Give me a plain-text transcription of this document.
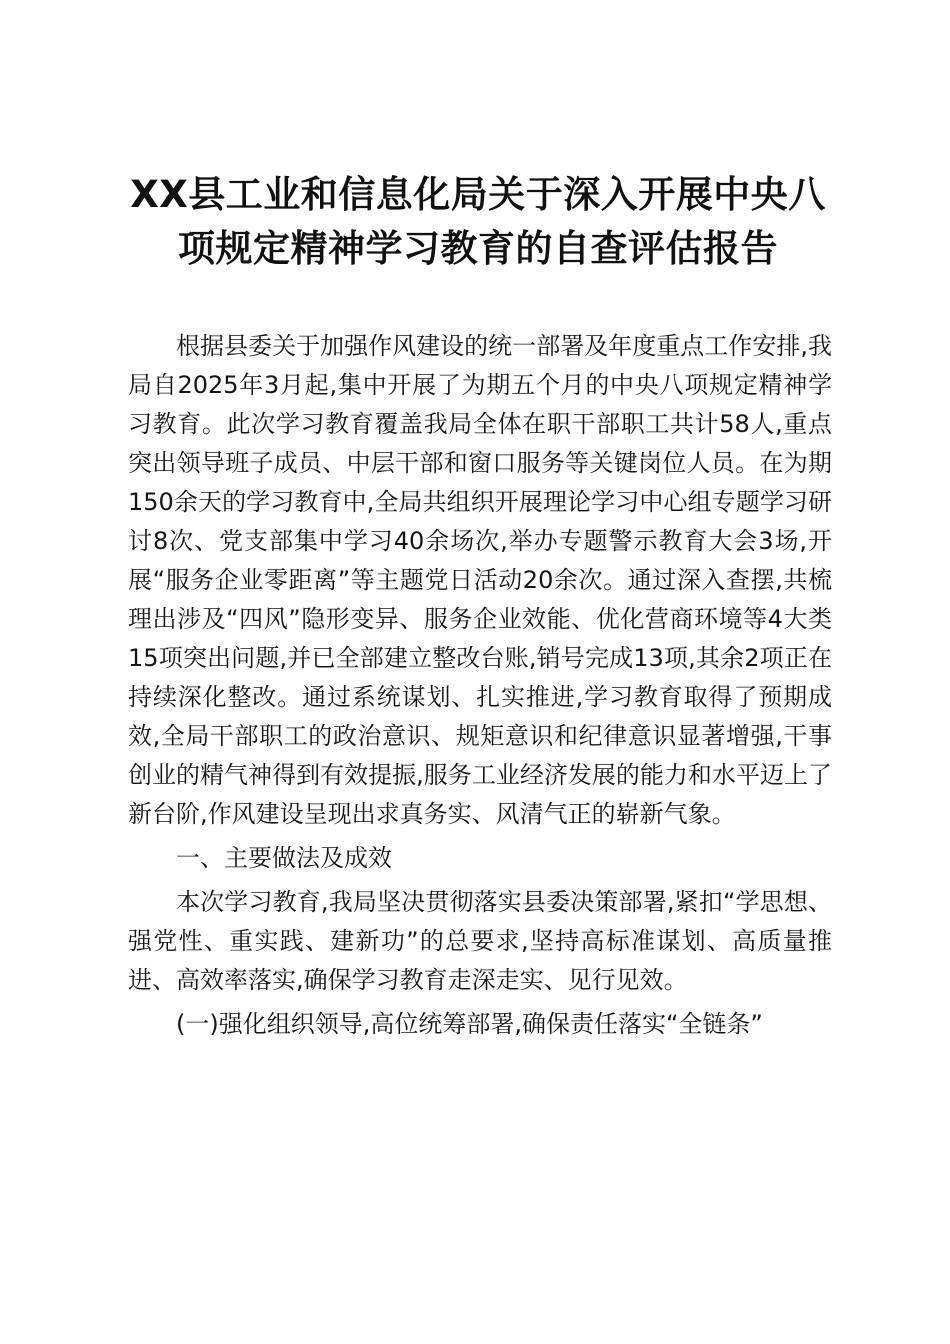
XX县工业和信息化局关于深入开展中央八项规定精神学习教育的自查评估报告

根据县委关于加强作风建设的统一部署及年度重点工作安排,我局自2025年3月起,集中开展了为期五个月的中央八项规定精神学习教育。此次学习教育覆盖我局全体在职干部职工共计58人,重点突出领导班子成员、中层干部和窗口服务等关键岗位人员。在为期150余天的学习教育中,全局共组织开展理论学习中心组专题学习研讨8次、党支部集中学习40余场次,举办专题警示教育大会3场,开展“服务企业零距离”等主题党日活动20余次。通过深入查摆,共梳理出涉及“四风”隐形变异、服务企业效能、优化营商环境等4大类15项突出问题,并已全部建立整改台账,销号完成13项,其余2项正在持续深化整改。通过系统谋划、扎实推进,学习教育取得了预期成效,全局干部职工的政治意识、规矩意识和纪律意识显著增强,干事创业的精气神得到有效提振,服务工业经济发展的能力和水平迈上了新台阶,作风建设呈现出求真务实、风清气正的崭新气象。

一、主要做法及成效

本次学习教育,我局坚决贯彻落实县委决策部署,紧扣“学思想、强党性、重实践、建新功”的总要求,坚持高标准谋划、高质量推进、高效率落实,确保学习教育走深走实、见行见效。

(一)强化组织领导,高位统筹部署,确保责任落实“全链条”
